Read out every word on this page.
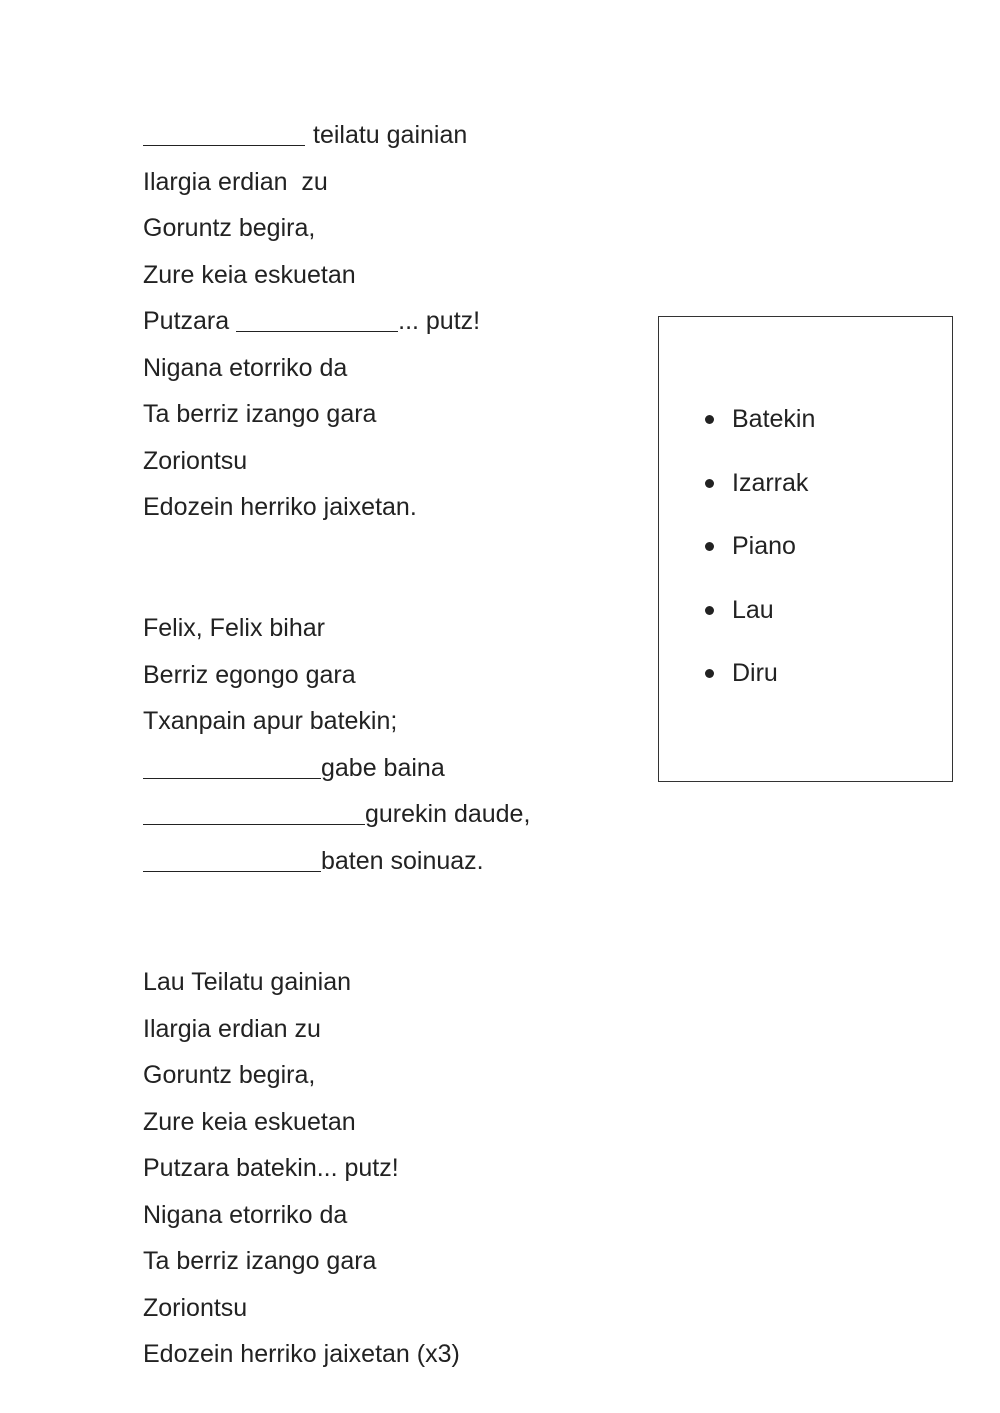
teilatu gainian
Ilargia erdian  zu
Goruntz begira,
Zure keia eskuetan
Putzara	... putz!
Nigana etorriko da
Ta berriz izango gara
Zoriontsu
Edozein herriko jaixetan.
Felix, Felix bihar
Berriz egongo gara
Txanpain apur batekin;
gabe baina
gurekin daude,
baten soinuaz.
Lau Teilatu gainian
Ilargia erdian zu
Goruntz begira,
Zure keia eskuetan
Putzara batekin... putz!
Nigana etorriko da
Ta berriz izango gara
Zoriontsu
Edozein herriko jaixetan (x3)
Batekin
Izarrak
Piano
Lau
Diru
